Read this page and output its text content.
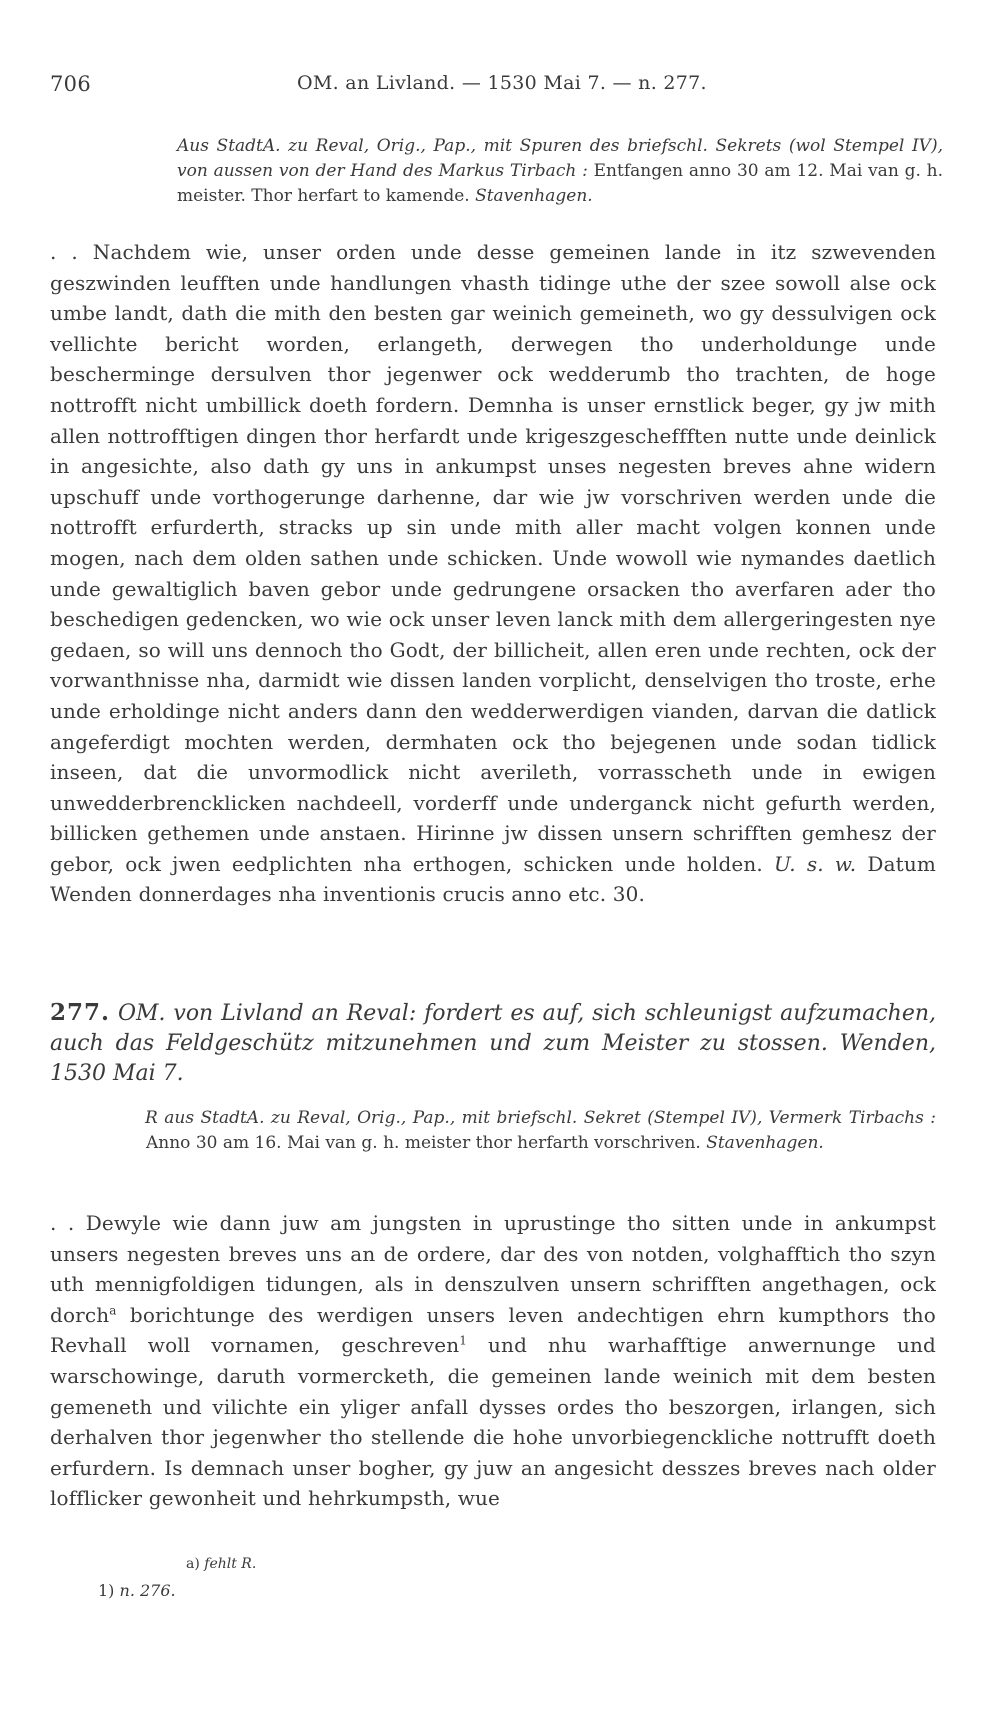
706	OM. an Livland. — 1530 Mai 7. — n. 277.
Aus StadtA. zu Reval, Orig., Pap., mit Spuren des briefschl. Sekrets (wol Stempel IV), von aussen von der Hand des Markus Tirbach : Entfangen anno 30 am 12. Mai van g. h. meister. Thor herfart to kamende. Stavenhagen.
. . Nachdem wie, unser orden unde desse gemeinen lande in itz szwevenden geszwinden leufften unde handlungen vhasth tidinge uthe der szee sowoll alse ock umbe landt, dath die mith den besten gar weinich gemeineth, wo gy dessulvigen ock vellichte bericht worden, erlangeth, derwegen tho underholdunge unde bescherminge dersulven thor jegenwer ock wedderumb tho trachten, de hoge nottrofft nicht umbillick doeth fordern. Demnha is unser ernstlick beger, gy jw mith allen nottrofftigen dingen thor herfardt unde krigeszgescheffften nutte unde deinlick in angesichte, also dath gy uns in ankumpst unses negesten breves ahne widern upschuff unde vorthogerunge darhenne, dar wie jw vorschriven werden unde die nottrofft erfurderth, stracks up sin unde mith aller macht volgen konnen unde mogen, nach dem olden sathen unde schicken. Unde wowoll wie nymandes daetlich unde gewaltiglich baven gebor unde gedrungene orsacken tho averfaren ader tho beschedigen gedencken, wo wie ock unser leven lanck mith dem allergeringesten nye gedaen, so will uns dennoch tho Godt, der billicheit, allen eren unde rechten, ock der vorwanthnisse nha, darmidt wie dissen landen vorplicht, denselvigen tho troste, erhe unde erholdinge nicht anders dann den wedderwerdigen vianden, darvan die datlick angeferdigt mochten werden, dermhaten ock tho bejegenen unde sodan tidlick inseen, dat die unvormodlick nicht averileth, vorrasscheth unde in ewigen unwedderbrencklicken nachdeell, vorderff unde underganck nicht gefurth werden, billicken gethemen unde anstaen. Hirinne jw dissen unsern schrifften gemhesz der gebor, ock jwen eedplichten nha erthogen, schicken unde holden. U. s. w. Datum Wenden donnerdages nha inventionis crucis anno etc. 30.
277. OM. von Livland an Reval: fordert es auf, sich schleunigst aufzumachen, auch das Feldgeschütz mitzunehmen und zum Meister zu stossen. Wenden, 1530 Mai 7.
R aus StadtA. zu Reval, Orig., Pap., mit briefschl. Sekret (Stempel IV), Vermerk Tirbachs : Anno 30 am 16. Mai van g. h. meister thor herfarth vorschriven. Stavenhagen.
. . Dewyle wie dann juw am jungsten in uprustinge tho sitten unde in ankumpst unsers negesten breves uns an de ordere, dar des von notden, volghafftich tho szyn uth mennigfoldigen tidungen, als in denszulven unsern schrifften angethagen, ock dorch$^a$ borichtunge des werdigen unsers leven andechtigen ehrn kumpthors tho Revhall woll vornamen, geschreven$^1$ und nhu warhafftige anwernunge und warschowinge, daruth vormercketh, die gemeinen lande weinich mit dem besten gemeneth und vilichte ein yliger anfall dysses ordes tho beszorgen, irlangen, sich derhalven thor jegenwher tho stellende die hohe unvorbiegenckliche nottrufft doeth erfurdern. Is demnach unser bogher, gy juw an angesicht desszes breves nach older lofflicker gewonheit und hehrkumpsth, wue
a) fehlt R.
1) n. 276.
